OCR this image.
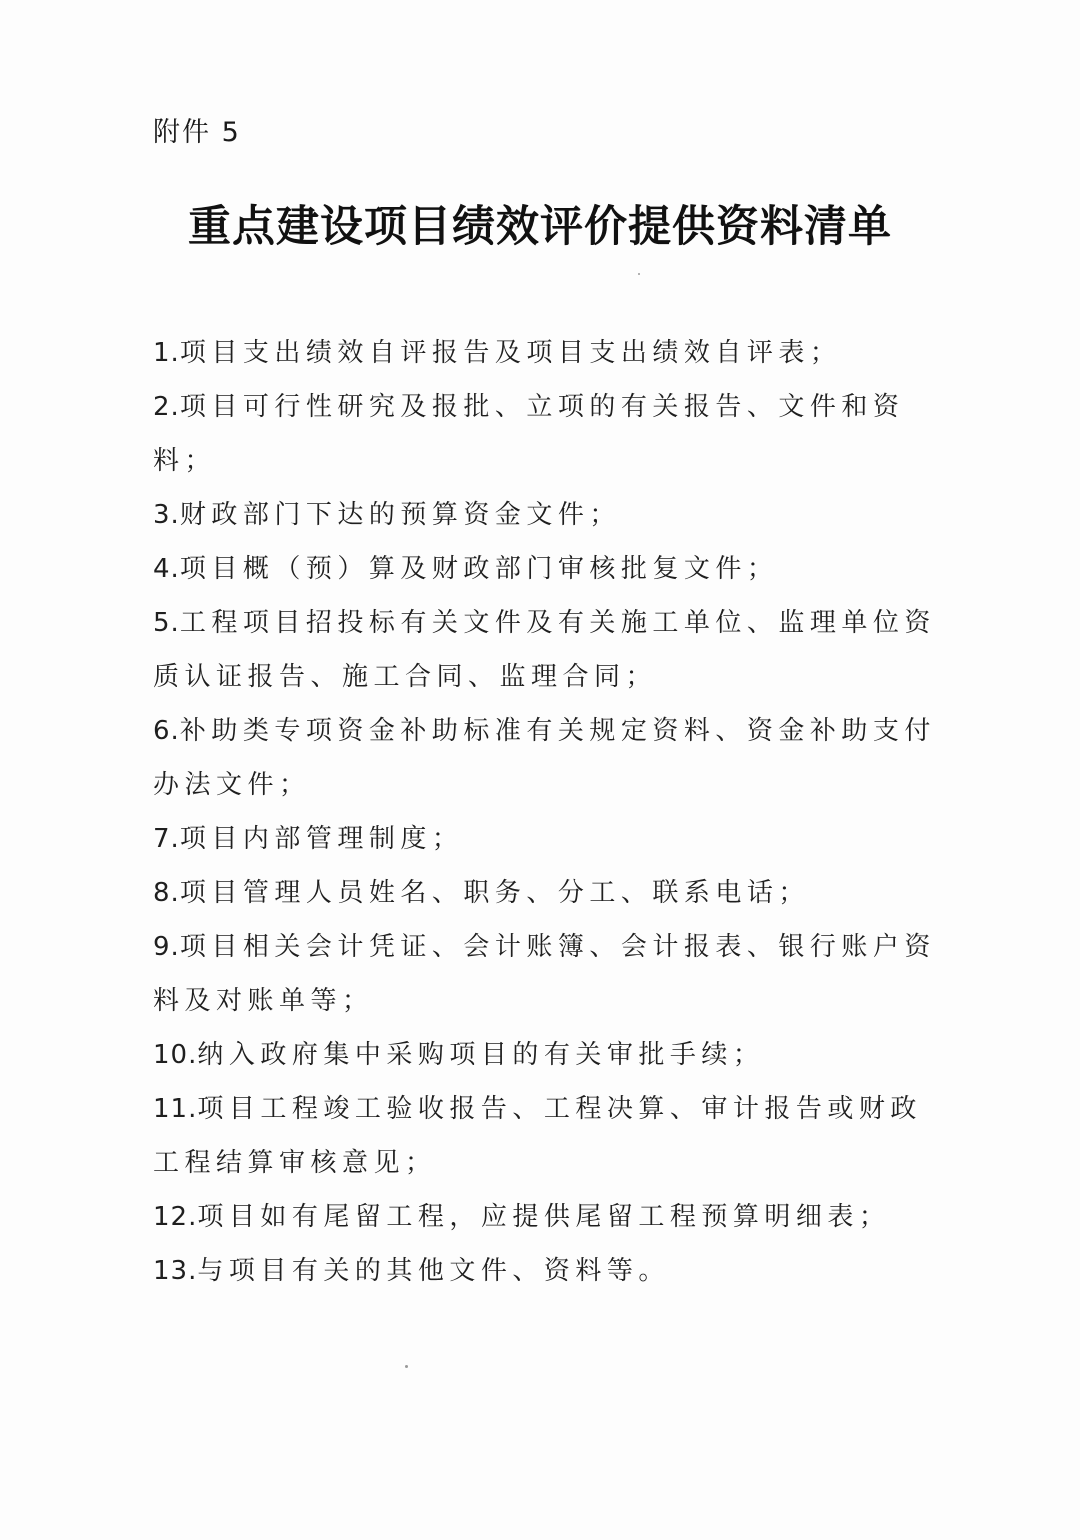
附件 5
重点建设项目绩效评价提供资料清单
1.项目支出绩效自评报告及项目支出绩效自评表；
2.项目可行性研究及报批、立项的有关报告、文件和资料；
3.财政部门下达的预算资金文件；
4.项目概（预）算及财政部门审核批复文件；
5.工程项目招投标有关文件及有关施工单位、监理单位资质认证报告、施工合同、监理合同；
6.补助类专项资金补助标准有关规定资料、资金补助支付办法文件；
7.项目内部管理制度；
8.项目管理人员姓名、职务、分工、联系电话；
9.项目相关会计凭证、会计账簿、会计报表、银行账户资料及对账单等；
10.纳入政府集中采购项目的有关审批手续；
11.项目工程竣工验收报告、工程决算、审计报告或财政工程结算审核意见；
12.项目如有尾留工程，应提供尾留工程预算明细表；
13.与项目有关的其他文件、资料等。
